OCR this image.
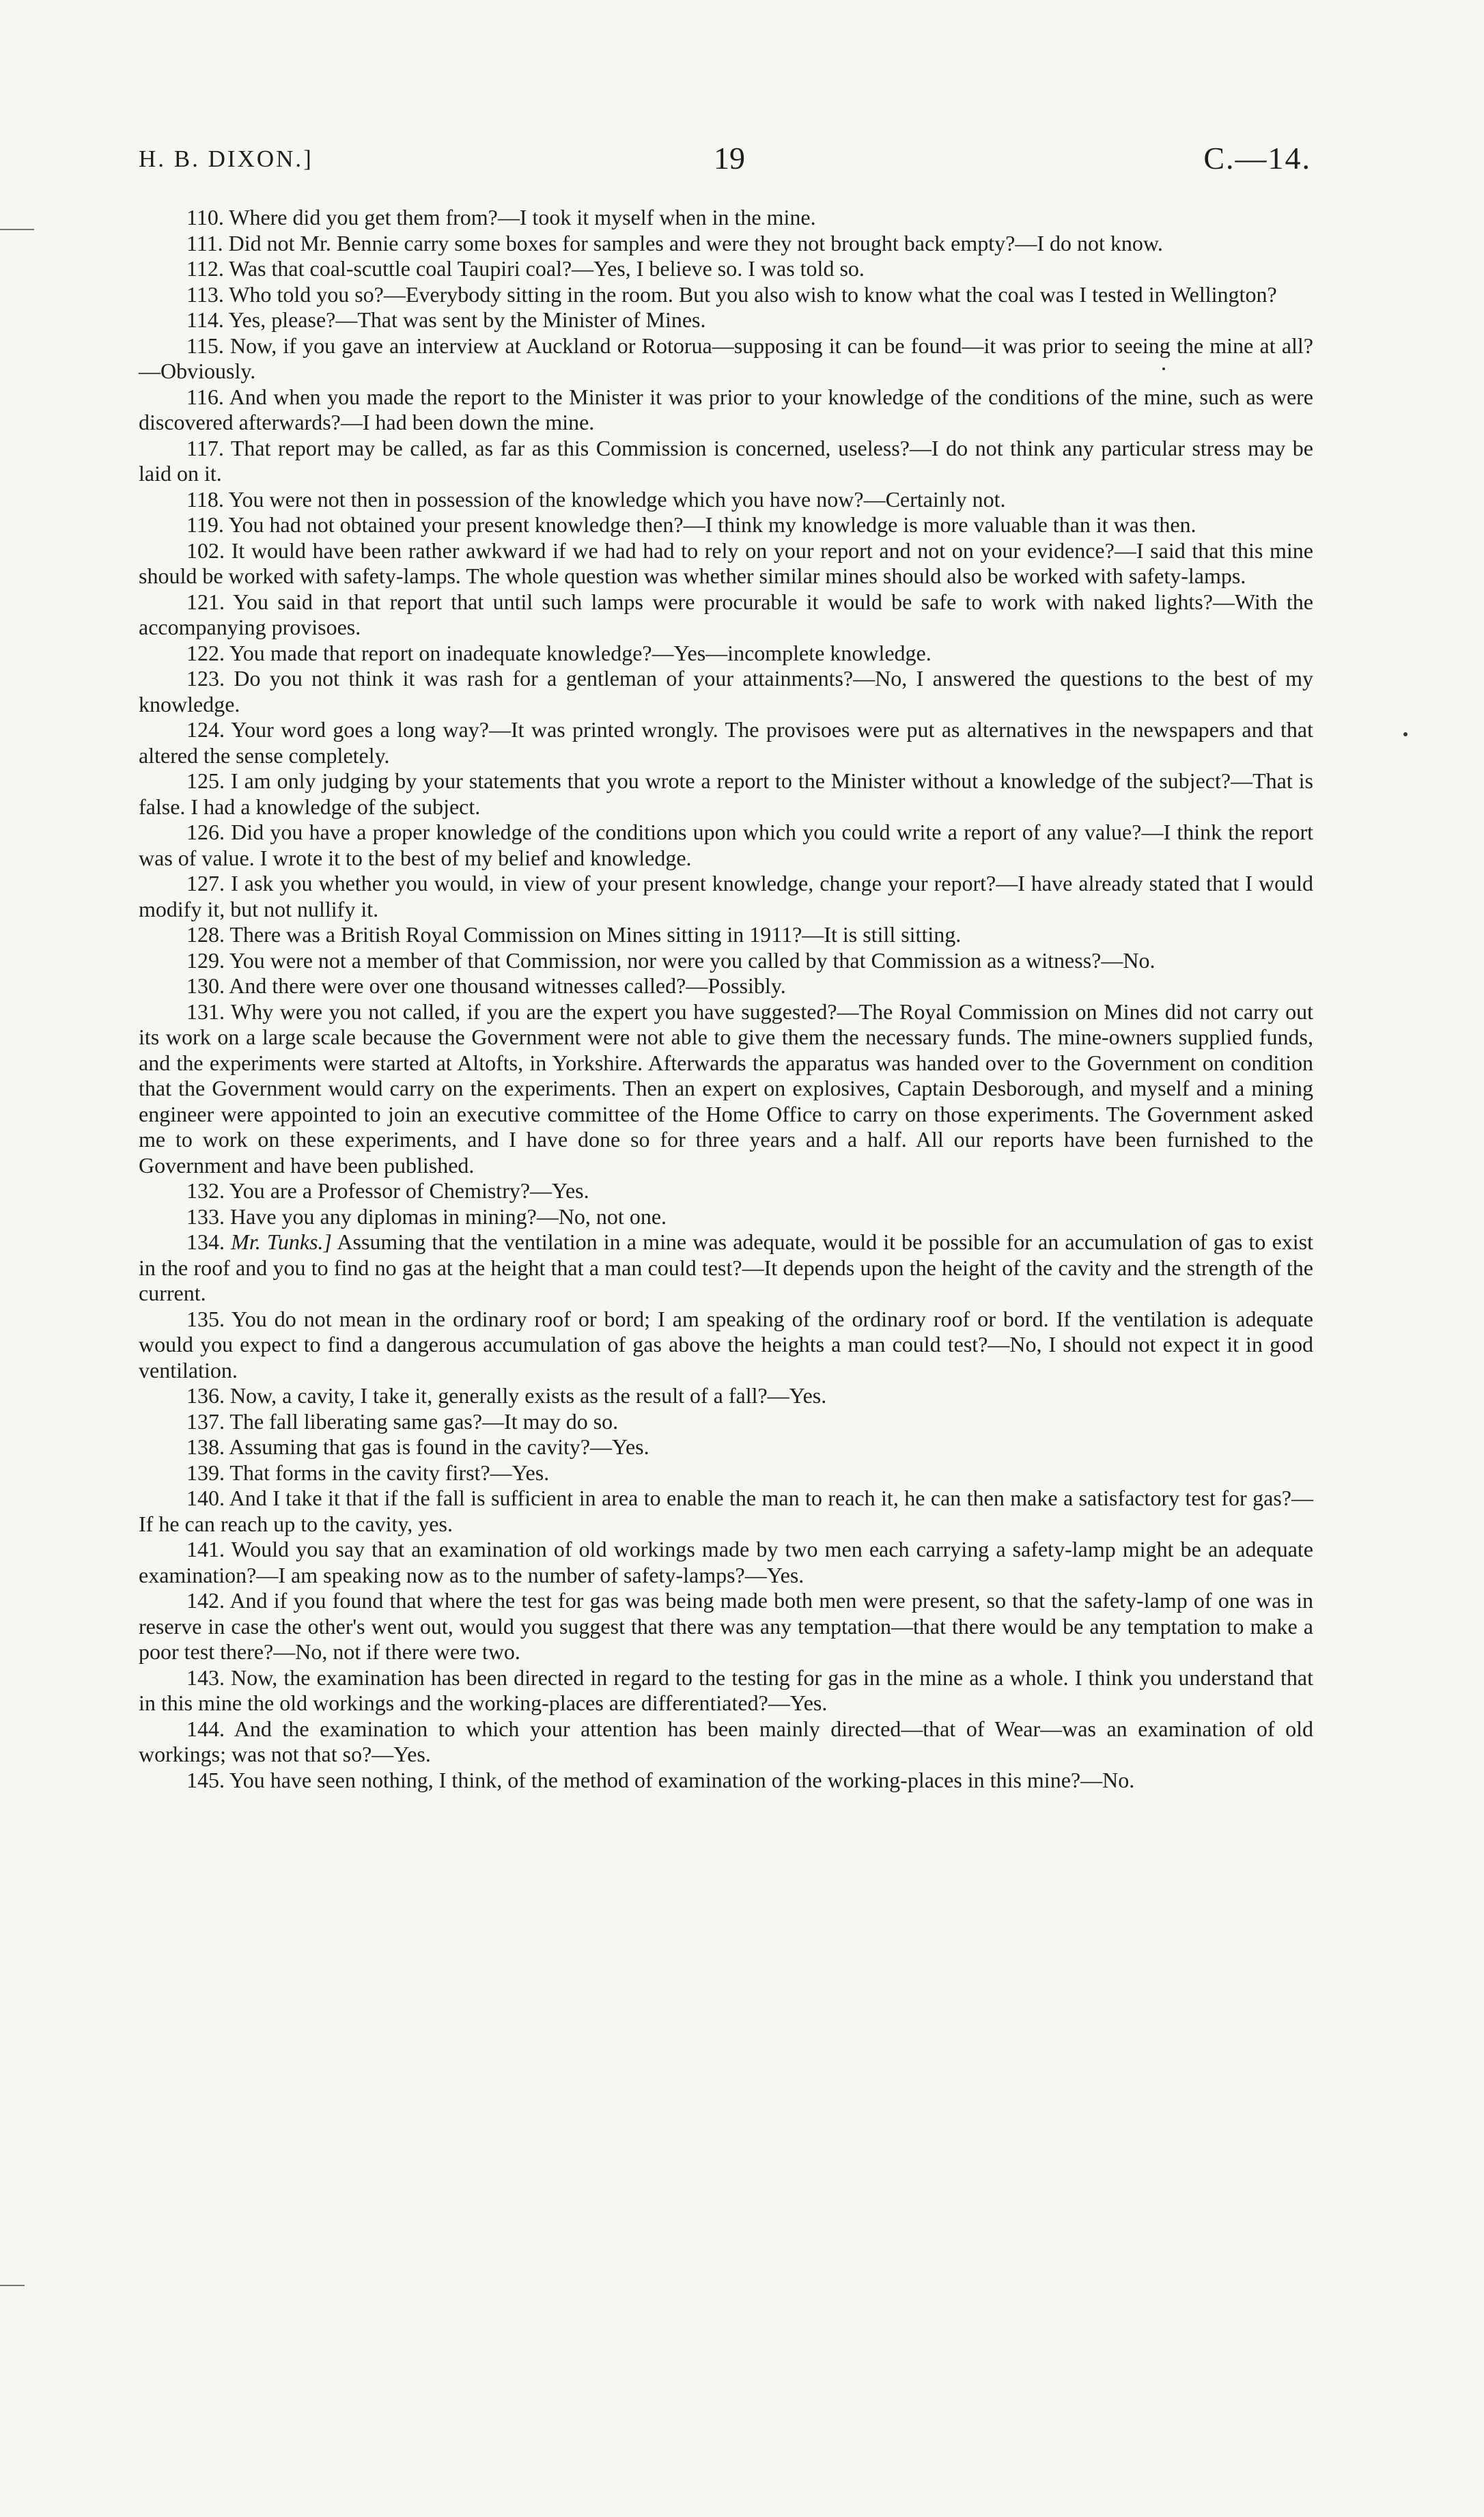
H. B. DIXON.]	19	C.—14.

110. Where did you get them from?—I took it myself when in the mine.

111. Did not Mr. Bennie carry some boxes for samples and were they not brought back empty?—I do not know.

112. Was that coal-scuttle coal Taupiri coal?—Yes, I believe so. I was told so.

113. Who told you so?—Everybody sitting in the room. But you also wish to know what the coal was I tested in Wellington?

114. Yes, please?—That was sent by the Minister of Mines.

115. Now, if you gave an interview at Auckland or Rotorua—supposing it can be found—it was prior to seeing the mine at all?—Obviously.

116. And when you made the report to the Minister it was prior to your knowledge of the conditions of the mine, such as were discovered afterwards?—I had been down the mine.

117. That report may be called, as far as this Commission is concerned, useless?—I do not think any particular stress may be laid on it.

118. You were not then in possession of the knowledge which you have now?—Certainly not.

119. You had not obtained your present knowledge then?—I think my knowledge is more valuable than it was then.

102. It would have been rather awkward if we had had to rely on your report and not on your evidence?—I said that this mine should be worked with safety-lamps. The whole question was whether similar mines should also be worked with safety-lamps.

121. You said in that report that until such lamps were procurable it would be safe to work with naked lights?—With the accompanying provisoes.

122. You made that report on inadequate knowledge?—Yes—incomplete knowledge.

123. Do you not think it was rash for a gentleman of your attainments?—No, I answered the questions to the best of my knowledge.

124. Your word goes a long way?—It was printed wrongly. The provisoes were put as alternatives in the newspapers and that altered the sense completely.

125. I am only judging by your statements that you wrote a report to the Minister without a knowledge of the subject?—That is false. I had a knowledge of the subject.

126. Did you have a proper knowledge of the conditions upon which you could write a report of any value?—I think the report was of value. I wrote it to the best of my belief and knowledge.

127. I ask you whether you would, in view of your present knowledge, change your report?—I have already stated that I would modify it, but not nullify it.

128. There was a British Royal Commission on Mines sitting in 1911?—It is still sitting.

129. You were not a member of that Commission, nor were you called by that Commission as a witness?—No.

130. And there were over one thousand witnesses called?—Possibly.

131. Why were you not called, if you are the expert you have suggested?—The Royal Commission on Mines did not carry out its work on a large scale because the Government were not able to give them the necessary funds. The mine-owners supplied funds, and the experiments were started at Altofts, in Yorkshire. Afterwards the apparatus was handed over to the Government on condition that the Government would carry on the experiments. Then an expert on explosives, Captain Desborough, and myself and a mining engineer were appointed to join an executive committee of the Home Office to carry on those experiments. The Government asked me to work on these experiments, and I have done so for three years and a half. All our reports have been furnished to the Government and have been published.

132. You are a Professor of Chemistry?—Yes.

133. Have you any diplomas in mining?—No, not one.

134. Mr. Tunks.] Assuming that the ventilation in a mine was adequate, would it be possible for an accumulation of gas to exist in the roof and you to find no gas at the height that a man could test?—It depends upon the height of the cavity and the strength of the current.

135. You do not mean in the ordinary roof or bord; I am speaking of the ordinary roof or bord. If the ventilation is adequate would you expect to find a dangerous accumulation of gas above the heights a man could test?—No, I should not expect it in good ventilation.

136. Now, a cavity, I take it, generally exists as the result of a fall?—Yes.

137. The fall liberating same gas?—It may do so.

138. Assuming that gas is found in the cavity?—Yes.

139. That forms in the cavity first?—Yes.

140. And I take it that if the fall is sufficient in area to enable the man to reach it, he can then make a satisfactory test for gas?—If he can reach up to the cavity, yes.

141. Would you say that an examination of old workings made by two men each carrying a safety-lamp might be an adequate examination?—I am speaking now as to the number of safety-lamps?—Yes.

142. And if you found that where the test for gas was being made both men were present, so that the safety-lamp of one was in reserve in case the other's went out, would you suggest that there was any temptation—that there would be any temptation to make a poor test there?—No, not if there were two.

143. Now, the examination has been directed in regard to the testing for gas in the mine as a whole. I think you understand that in this mine the old workings and the working-places are differentiated?—Yes.

144. And the examination to which your attention has been mainly directed—that of Wear—was an examination of old workings; was not that so?—Yes.

145. You have seen nothing, I think, of the method of examination of the working-places in this mine?—No.
